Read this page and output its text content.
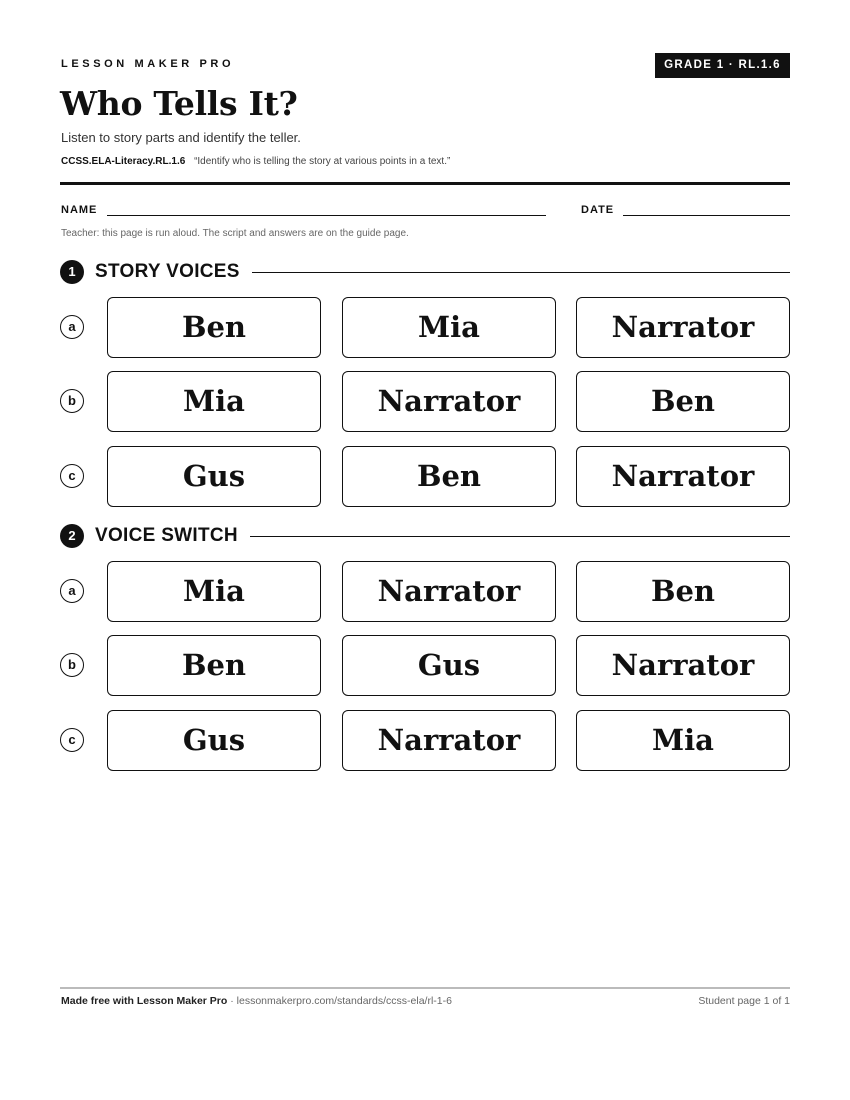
LESSON MAKER PRO	GRADE 1 · RL.1.6
Who Tells It?
Listen to story parts and identify the teller.
CCSS.ELA-Literacy.RL.1.6 “Identify who is telling the story at various points in a text.”
NAME	DATE
Teacher: this page is run aloud. The script and answers are on the guide page.
1	STORY VOICES
a	Ben	Mia	Narrator
b	Mia	Narrator	Ben
c	Gus	Ben	Narrator
2	VOICE SWITCH
a	Mia	Narrator	Ben
b	Ben	Gus	Narrator
c	Gus	Narrator	Mia
Made free with Lesson Maker Pro · lessonmakerpro.com/standards/ccss-ela/rl-1-6	Student page 1 of 1
